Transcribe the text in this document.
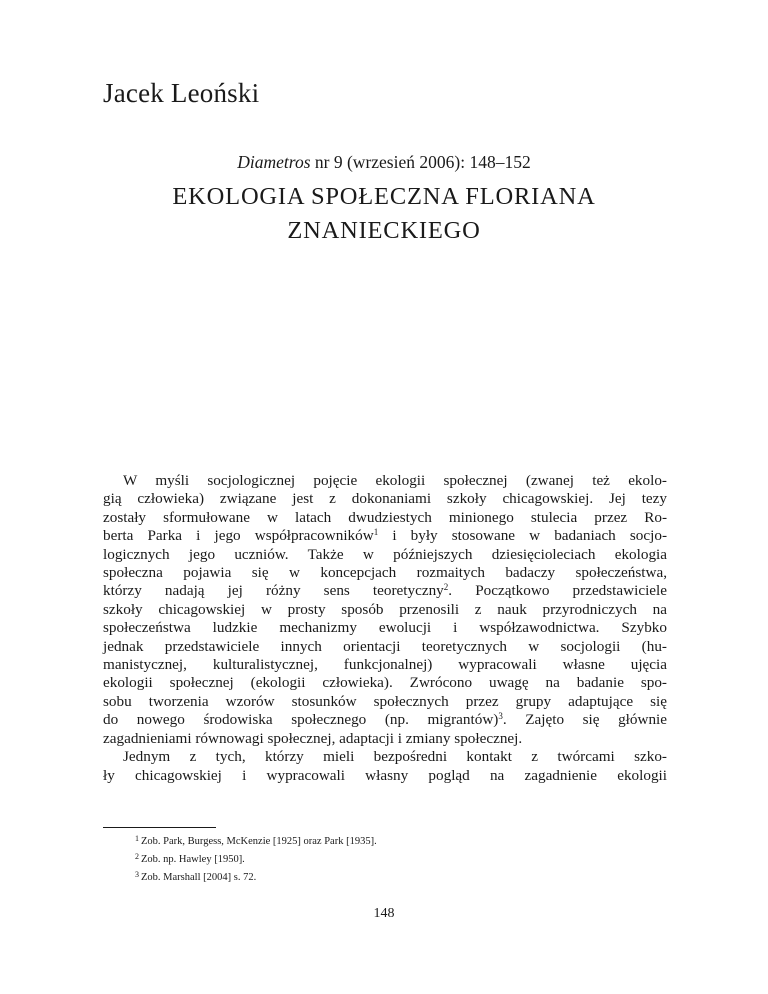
Jacek Leoński
Diametros nr 9 (wrzesień 2006): 148–152
EKOLOGIA SPOŁECZNA FLORIANA
ZNANIECKIEGO
W myśli socjologicznej pojęcie ekologii społecznej (zwanej też ekolo-
gią człowieka) związane jest z dokonaniami szkoły chicagowskiej. Jej tezy
zostały sformułowane w latach dwudziestych minionego stulecia przez Ro-
berta Parka i jego współpracowników$^1$ i były stosowane w badaniach socjo-
logicznych jego uczniów. Także w późniejszych dziesięcioleciach ekologia
społeczna pojawia się w koncepcjach rozmaitych badaczy społeczeństwa,
którzy nadają jej różny sens teoretyczny$^2$. Początkowo przedstawiciele
szkoły chicagowskiej w prosty sposób przenosili z nauk przyrodniczych na
społeczeństwa ludzkie mechanizmy ewolucji i współzawodnictwa. Szybko
jednak przedstawiciele innych orientacji teoretycznych w socjologii (hu-
manistycznej, kulturalistycznej, funkcjonalnej) wypracowali własne ujęcia
ekologii społecznej (ekologii człowieka). Zwrócono uwagę na badanie spo-
sobu tworzenia wzorów stosunków społecznych przez grupy adaptujące się
do nowego środowiska społecznego (np. migrantów)$^3$. Zajęto się głównie
zagadnieniami równowagi społecznej, adaptacji i zmiany społecznej.
Jednym z tych, którzy mieli bezpośredni kontakt z twórcami szko-
ły chicagowskiej i wypracowali własny pogląd na zagadnienie ekologii
$^1$ Zob. Park, Burgess, McKenzie [1925] oraz Park [1935].
$^2$ Zob. np. Hawley [1950].
$^3$ Zob. Marshall [2004] s. 72.
148
